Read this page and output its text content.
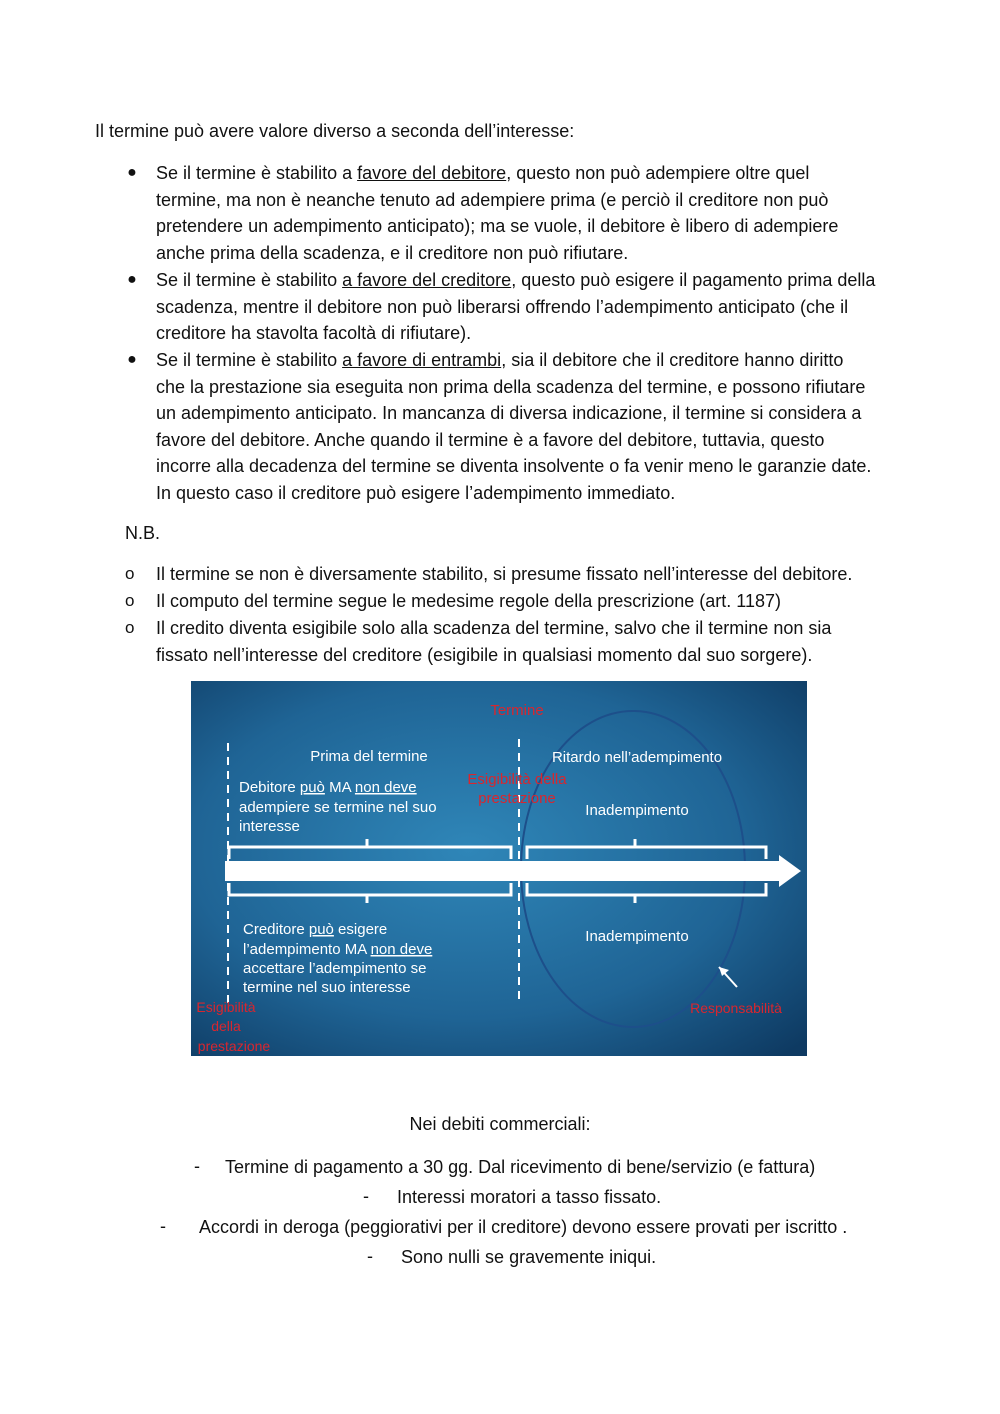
Il termine può avere valore diverso a seconda dell’interesse:
● Se il termine è stabilito a favore del debitore, questo non può adempiere oltre quel
termine, ma non è neanche tenuto ad adempiere prima (e perciò il creditore non può
pretendere un adempimento anticipato); ma se vuole, il debitore è libero di adempiere
anche prima della scadenza, e il creditore non può rifiutare.
● Se il termine è stabilito a favore del creditore, questo può esigere il pagamento prima della
scadenza, mentre il debitore non può liberarsi offrendo l’adempimento anticipato (che il
creditore ha stavolta facoltà di rifiutare).
● Se il termine è stabilito a favore di entrambi, sia il debitore che il creditore hanno diritto
che la prestazione sia eseguita non prima della scadenza del termine, e possono rifiutare
un adempimento anticipato. In mancanza di diversa indicazione, il termine si considera a
favore del debitore. Anche quando il termine è a favore del debitore, tuttavia, questo
incorre alla decadenza del termine se diventa insolvente o fa venir meno le garanzie date.
In questo caso il creditore può esigere l’adempimento immediato.
N.B.
o Il termine se non è diversamente stabilito, si presume fissato nell’interesse del debitore.
o Il computo del termine segue le medesime regole della prescrizione (art. 1187)
o Il credito diventa esigibile solo alla scadenza del termine, salvo che il termine non sia
fissato nell’interesse del creditore (esigibile in qualsiasi momento dal suo sorgere).
Termine
Prima del termine	Ritardo nell’adempimento
Debitore può MA non deve
adempiere se termine nel suo
interesse
Esigibilità della
prestazione
Inadempimento
Inadempimento
Creditore può esigere
l’adempimento MA non deve
accettare l’adempimento se
termine nel suo interesse
Esigibilità
della
prestazione
Responsabilità
Nei debiti commerciali:
- Termine di pagamento a 30 gg. Dal ricevimento di bene/servizio (e fattura)
- Interessi moratori a tasso fissato.
- Accordi in deroga (peggiorativi per il creditore) devono essere provati per iscritto .
- Sono nulli se gravemente iniqui.
